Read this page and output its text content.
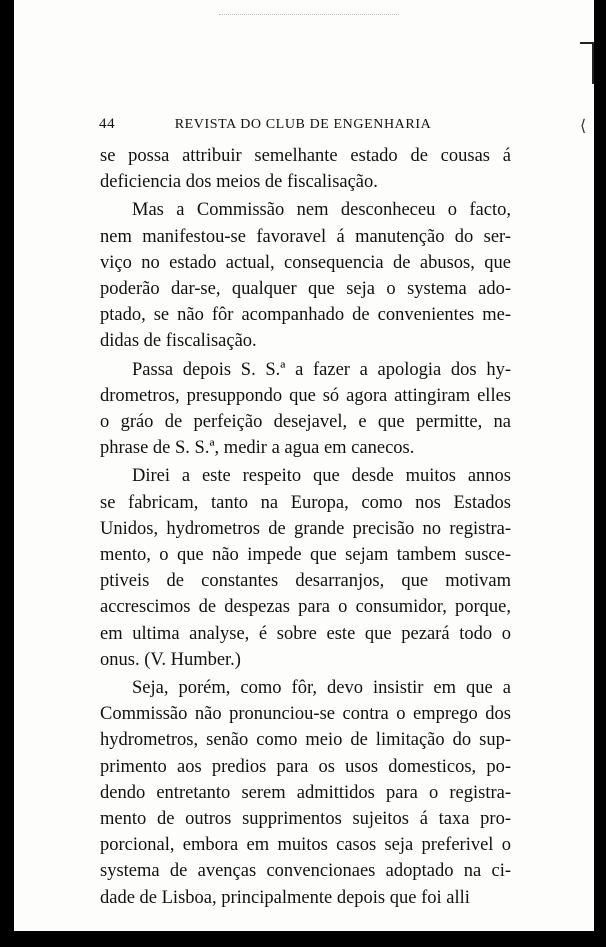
⟨
44	REVISTA DO CLUB DE ENGENHARIA
se possa attribuir semelhante estado de cousas á
deficiencia dos meios de fiscalisação.
Mas a Commissão nem desconheceu o facto,
nem manifestou-se favoravel á manutenção do ser-
viço no estado actual, consequencia de abusos, que
poderão dar-se, qualquer que seja o systema ado-
ptado, se não fôr acompanhado de convenientes me-
didas de fiscalisação.
Passa depois S. S.ª a fazer a apologia dos hy-
drometros, presuppondo que só agora attingiram elles
o gráo de perfeição desejavel, e que permitte, na
phrase de S. S.ª, medir a agua em canecos.
Direi a este respeito que desde muitos annos
se fabricam, tanto na Europa, como nos Estados
Unidos, hydrometros de grande precisão no registra-
mento, o que não impede que sejam tambem susce-
ptiveis de constantes desarranjos, que motivam
accrescimos de despezas para o consumidor, porque,
em ultima analyse, é sobre este que pezará todo o
onus. (V. Humber.)
Seja, porém, como fôr, devo insistir em que a
Commissão não pronunciou-se contra o emprego dos
hydrometros, senão como meio de limitação do sup-
primento aos predios para os usos domesticos, po-
dendo entretanto serem admittidos para o registra-
mento de outros supprimentos sujeitos á taxa pro-
porcional, embora em muitos casos seja preferivel o
systema de avenças convencionaes adoptado na ci-
dade de Lisboa, principalmente depois que foi alli
